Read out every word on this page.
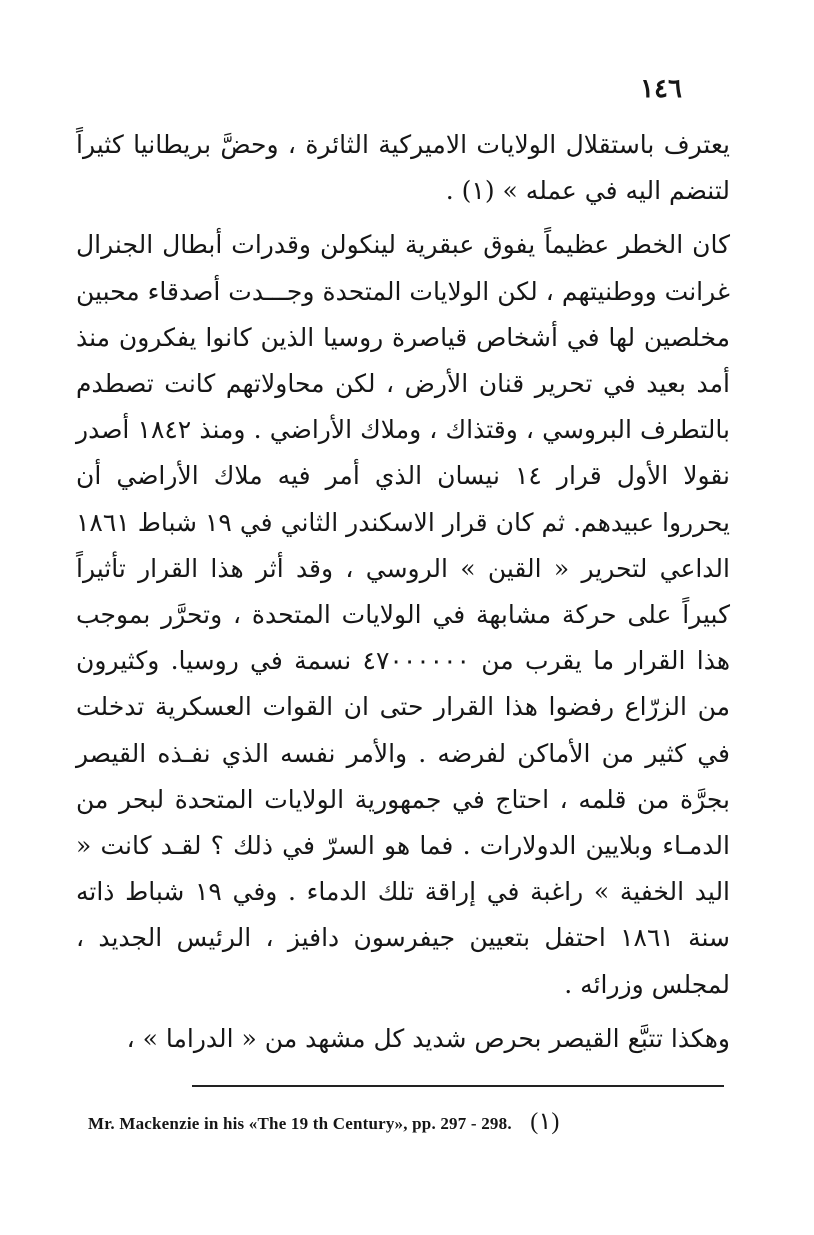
١٤٦

يعترف باستقلال الولايات الاميركية الثائرة ، وحضَّ بريطانيا كثيراً لتنضم اليه في عمله » (١) .

كان الخطر عظيماً يفوق عبقرية لينكولن وقدرات أبطال الجنرال غرانت ووطنيتهم ، لكن الولايات المتحدة وجـــدت أصدقاء محبين مخلصين لها في أشخاص قياصرة روسيا الذين كانوا يفكرون منذ أمد بعيد في تحرير قنان الأرض ، لكن محاولاتهم كانت تصطدم بالتطرف البروسي ، وقتذاك ، وملاك الأراضي . ومنذ ١٨٤٢ أصدر نقولا الأول قرار ١٤ نيسان الذي أمر فيه ملاك الأراضي أن يحرروا عبيدهم. ثم كان قرار الاسكندر الثاني في ١٩ شباط ١٨٦١ الداعي لتحرير « القين » الروسي ، وقد أثر هذا القرار تأثيراً كبيراً على حركة مشابهة في الولايات المتحدة ، وتحرَّر بموجب هذا القرار ما يقرب من ٤٧٠٠٠٠٠٠ نسمة في روسيا. وكثيرون من الزرّاع رفضوا هذا القرار حتى ان القوات العسكرية تدخلت في كثير من الأماكن لفرضه . والأمر نفسه الذي نفـذه القيصر بجرَّة من قلمه ، احتاج في جمهورية الولايات المتحدة لبحر من الدمـاء وبلايين الدولارات . فما هو السرّ في ذلك ؟ لقـد كانت « اليد الخفية » راغبة في إراقة تلك الدماء . وفي ١٩ شباط ذاته سنة ١٨٦١ احتفل بتعيين جيفرسون دافيز ، الرئيس الجديد ، لمجلس وزرائه .

وهكذا تتبَّع القيصر بحرص شديد كل مشهد من « الدراما » ،

Mr. Mackenzie in his «The 19 th Century», pp. 297 - 298. (١)
